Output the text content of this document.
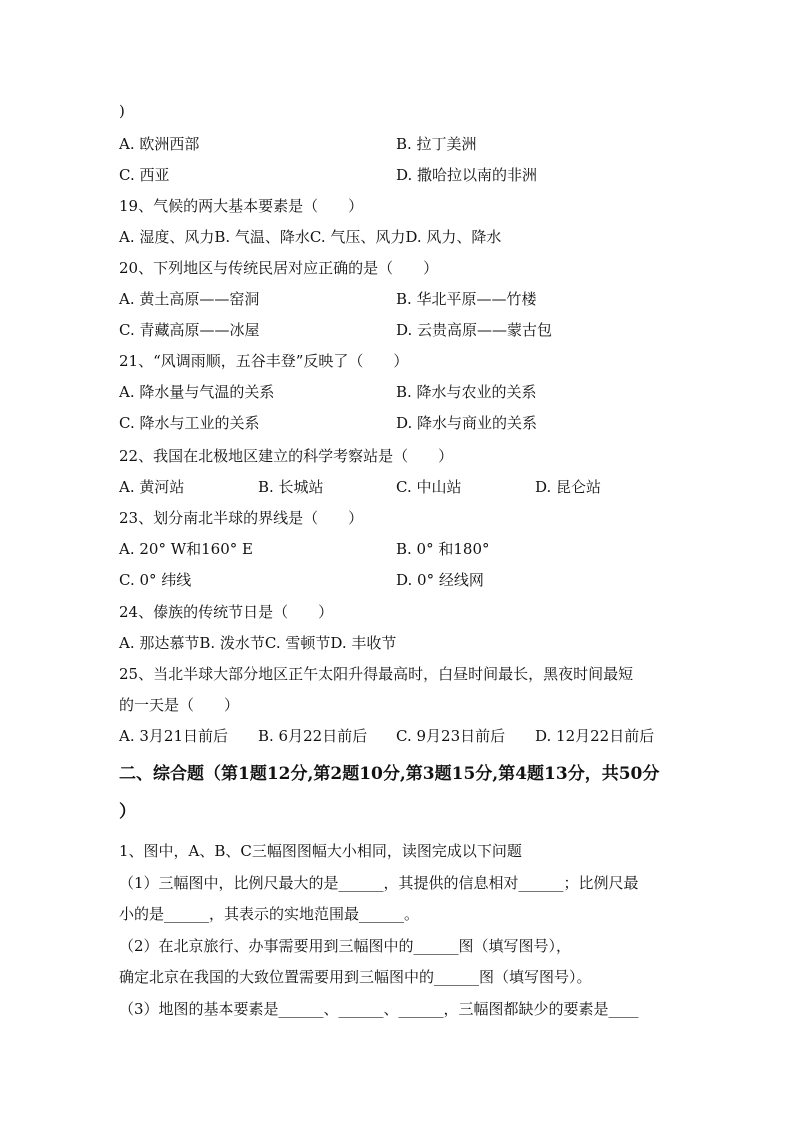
)
A. 欧洲西部	B. 拉丁美洲
C. 西亚	D. 撒哈拉以南的非洲
19、气候的两大基本要素是（　　）
A. 湿度、风力B. 气温、降水C. 气压、风力D. 风力、降水
20、下列地区与传统民居对应正确的是（　　）
A. 黄土高原——窑洞	B. 华北平原——竹楼
C. 青藏高原——冰屋	D. 云贵高原——蒙古包
21、“风调雨顺，五谷丰登”反映了（　　）
A. 降水量与气温的关系	B. 降水与农业的关系
C. 降水与工业的关系	D. 降水与商业的关系
22、我国在北极地区建立的科学考察站是（　　）
A. 黄河站	B. 长城站	C. 中山站	D. 昆仑站
23、划分南北半球的界线是（　　）
A. 20° W和160° E	B. 0° 和180°
C. 0° 纬线	D. 0° 经线网
24、傣族的传统节日是（　　）
A. 那达慕节B. 泼水节C. 雪顿节D. 丰收节
25、当北半球大部分地区正午太阳升得最高时，白昼时间最长，黑夜时间最短
的一天是（　　）
A. 3月21日前后 B. 6月22日前后 C. 9月23日前后 D. 12月22日前后
二、综合题（第1题12分,第2题10分,第3题15分,第4题13分，共50分
）
1、图中，A、B、C三幅图图幅大小相同，读图完成以下问题
（1）三幅图中，比例尺最大的是______，其提供的信息相对______；比例尺最
小的是______，其表示的实地范围最______。
（2）在北京旅行、办事需要用到三幅图中的______图（填写图号），
确定北京在我国的大致位置需要用到三幅图中的______图（填写图号）。
（3）地图的基本要素是______、______、______，三幅图都缺少的要素是____
